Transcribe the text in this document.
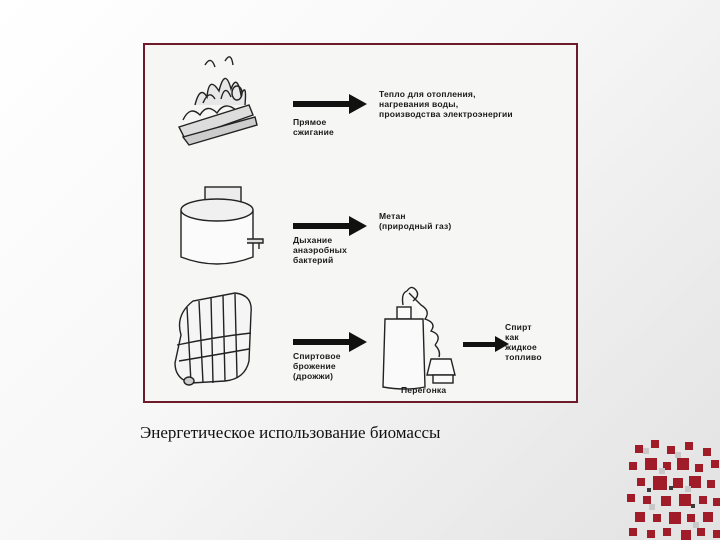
Прямое
сжигание
Тепло для отопления,
нагревания воды,
производства электроэнергии
Дыхание
анаэробных
бактерий
Метан
(природный газ)
Спиртовое
брожение
(дрожжи)
Перегонка
Спирт
как
жидкое
топливо
Энергетическое использование биомассы
